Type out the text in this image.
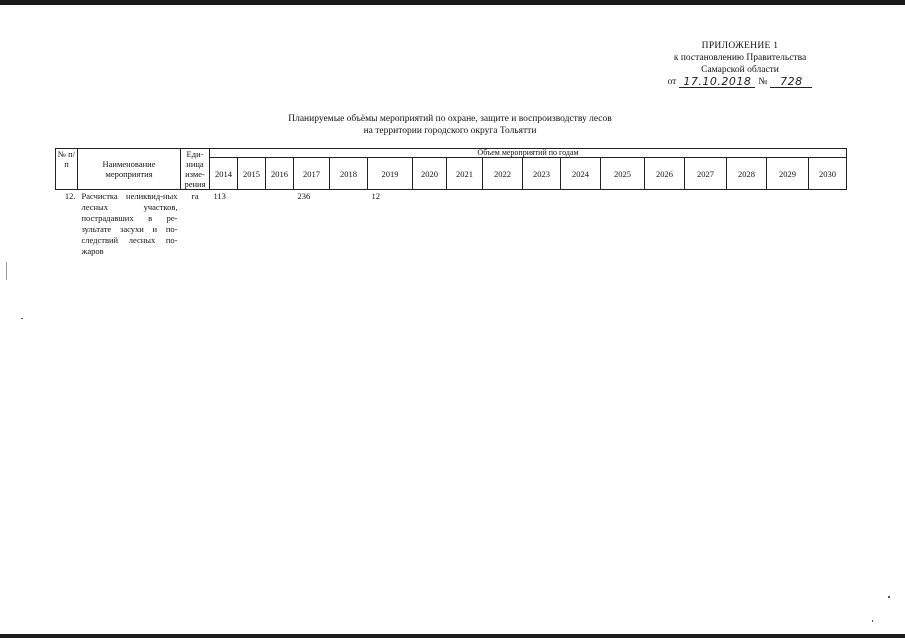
ПРИЛОЖЕНИЕ 1
к постановлению Правительства
Самарской области
от 17.10.2018 №	728
Планируемые объёмы мероприятий по охране, защите и воспроизводству лесов
на территории городского округа Тольятти
№ п/п	Наименование мероприятия	Еди-ница изме-рения	Объем мероприятий по годам																
			2014	2015	2016	2017	2018	2019	2020	2021	2022	2023	2024	2025	2026	2027	2028	2029	2030
12.	Расчистка неликвид-ных лесных участков, пострадавших в ре-зультате засухи и по-следствий лесных по-жаров	га	113			236		12											
